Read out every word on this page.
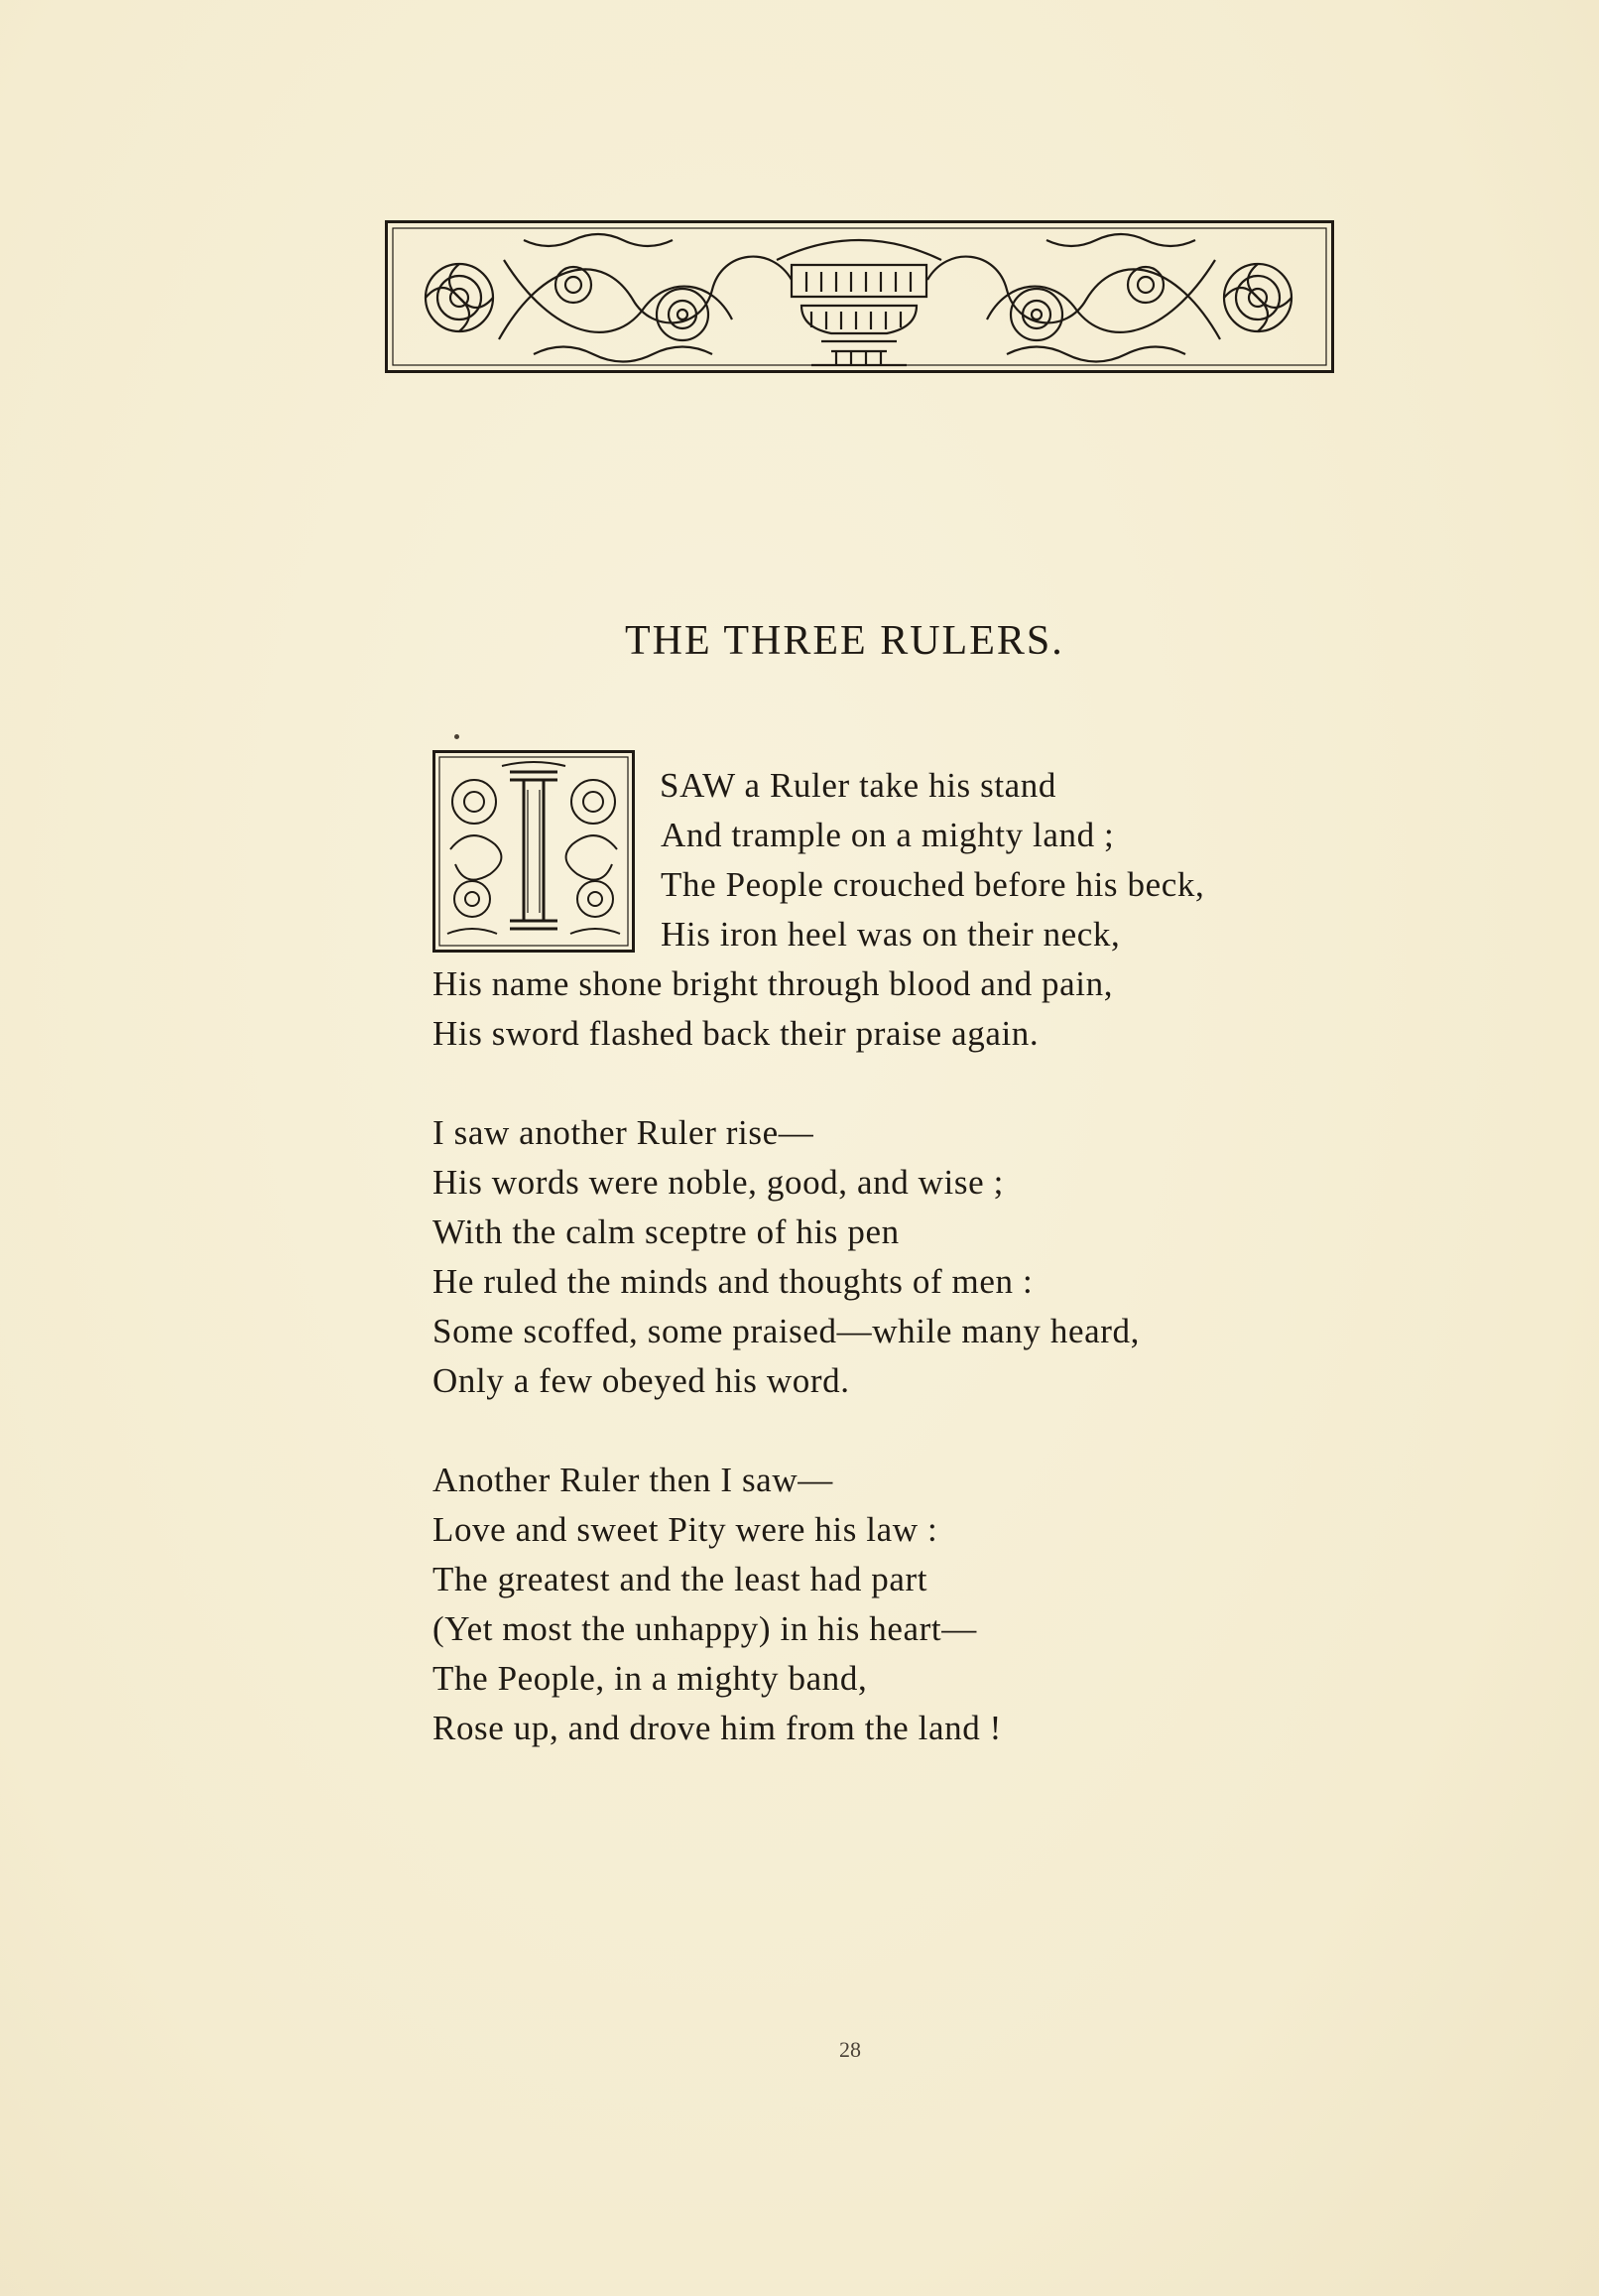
THE THREE RULERS.
SAW a Ruler take his stand
And trample on a mighty land ;
The People crouched before his beck,
His iron heel was on their neck,
His name shone bright through blood and pain,
His sword flashed back their praise again.
I saw another Ruler rise—
His words were noble, good, and wise ;
With the calm sceptre of his pen
He ruled the minds and thoughts of men :
Some scoffed, some praised—while many heard,
Only a few obeyed his word.
Another Ruler then I saw—
Love and sweet Pity were his law :
The greatest and the least had part
(Yet most the unhappy) in his heart—
The People, in a mighty band,
Rose up, and drove him from the land !
28
